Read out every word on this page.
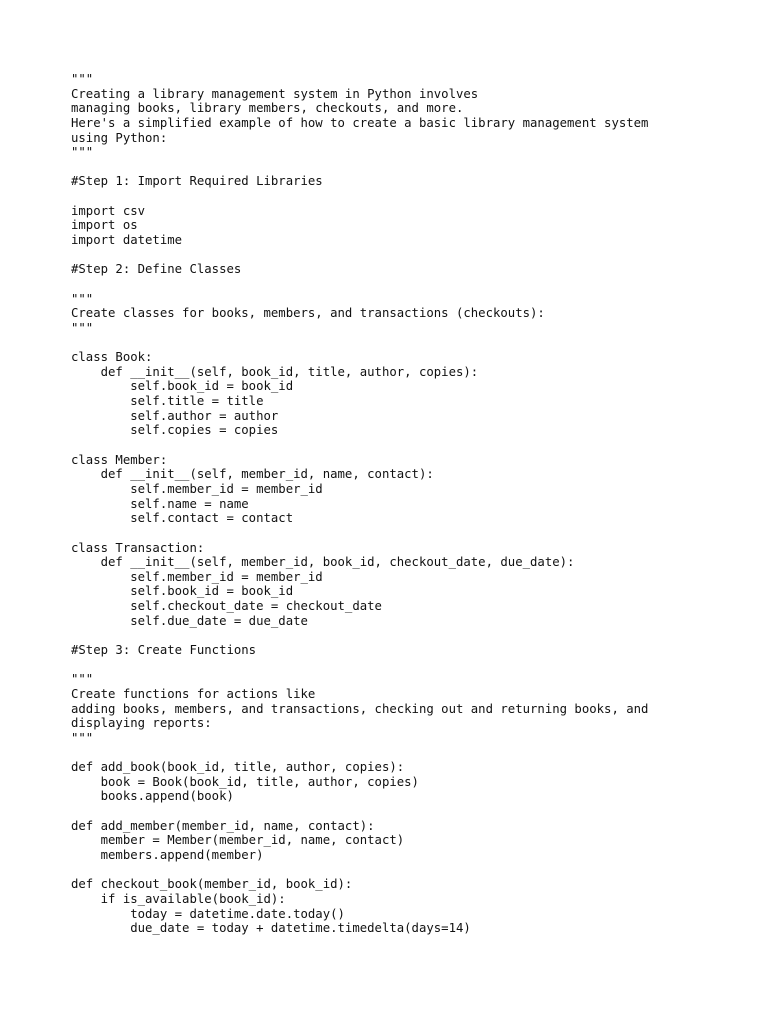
"""
Creating a library management system in Python involves
managing books, library members, checkouts, and more.
Here's a simplified example of how to create a basic library management system
using Python:
"""
#Step 1: Import Required Libraries
import csv
import os
import datetime
#Step 2: Define Classes
"""
Create classes for books, members, and transactions (checkouts):
"""
class Book:
def __init__(self, book_id, title, author, copies):
self.book_id = book_id
self.title = title
self.author = author
self.copies = copies
class Member:
def __init__(self, member_id, name, contact):
self.member_id = member_id
self.name = name
self.contact = contact
class Transaction:
def __init__(self, member_id, book_id, checkout_date, due_date):
self.member_id = member_id
self.book_id = book_id
self.checkout_date = checkout_date
self.due_date = due_date
#Step 3: Create Functions
"""
Create functions for actions like
adding books, members, and transactions, checking out and returning books, and
displaying reports:
"""
def add_book(book_id, title, author, copies):
book = Book(book_id, title, author, copies)
books.append(book)
def add_member(member_id, name, contact):
member = Member(member_id, name, contact)
members.append(member)
def checkout_book(member_id, book_id):
if is_available(book_id):
today = datetime.date.today()
due_date = today + datetime.timedelta(days=14)
